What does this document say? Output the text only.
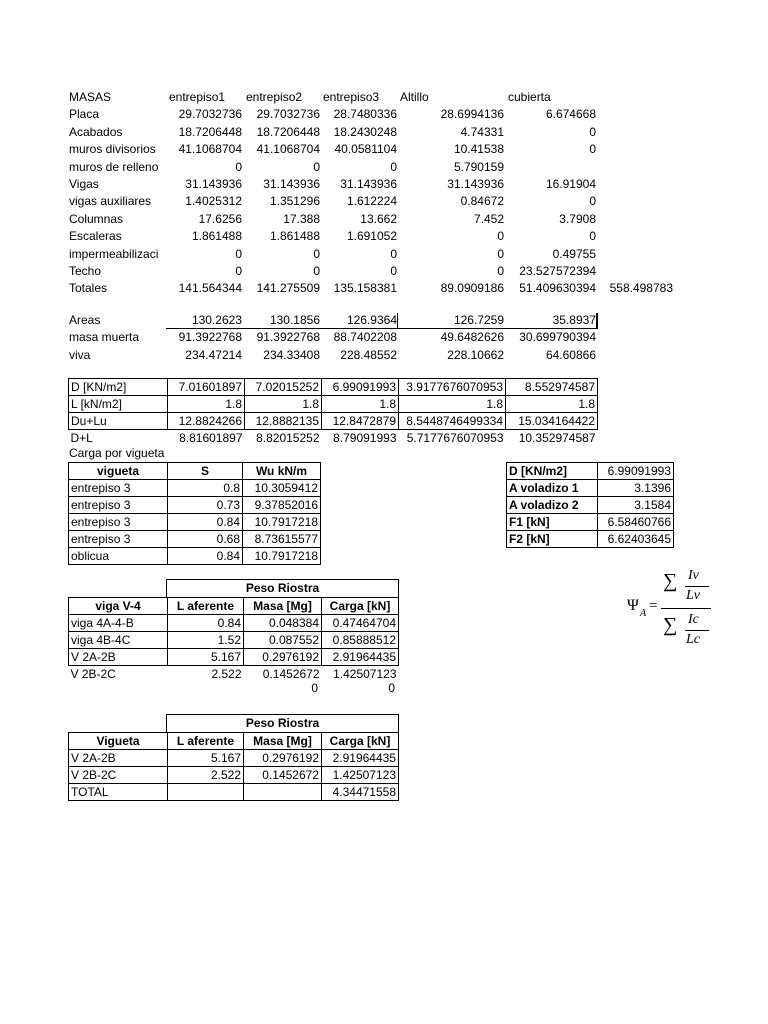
MASAS	entrepiso1	entrepiso2	entrepiso3	Altillo	cubierta
Placa	29.7032736	29.7032736	28.7480336	28.6994136	6.674668
Acabados	18.7206448	18.7206448	18.2430248	4.74331	0
muros divisorios	41.1068704	41.1068704	40.0581104	10.41538	0
muros de relleno	0	0	0	5.790159
Vigas	31.143936	31.143936	31.143936	31.143936	16.91904
vigas auxiliares	1.4025312	1.351296	1.612224	0.84672	0
Columnas	17.6256	17.388	13.662	7.452	3.7908
Escaleras	1.861488	1.861488	1.691052	0	0
impermeabilizaci	0	0	0	0	0.49755
Techo	0	0	0	0	23.527572394
Totales	141.564344	141.275509	135.158381	89.0909186	51.409630394	558.498783
Areas	130.2623	130.1856	126.9364	126.7259	35.8937
masa muerta	91.3922768	91.3922768	88.7402208	49.6482626	30.699790394
viva	234.47214	234.33408	228.48552	228.10662	64.60866
D [KN/m2]	7.01601897	7.02015252	6.99091993	3.9177676070953	8.552974587
L [kN/m2]	1.8	1.8	1.8	1.8	1.8
Du+Lu	12.8824266	12.8882135	12.8472879	8.5448746499334	15.034164422
D+L	8.81601897	8.82015252	8.79091993	5.7177676070953	10.352974587
Carga por vigueta
vigueta	S	Wu kN/m
entrepiso 3	0.8	10.3059412
entrepiso 3	0.73	9.37852016
entrepiso 3	0.84	10.7917218
entrepiso 3	0.68	8.73615577
oblicua	0.84	10.7917218
D [KN/m2]	6.99091993
A voladizo 1	3.1396
A voladizo 2	3.1584
F1 [kN]	6.58460766
F2 [kN]	6.62403645
Peso Riostra
viga V-4	L aferente	Masa [Mg]	Carga [kN]
viga 4A-4-B	0.84	0.048384	0.47464704
viga 4B-4C	1.52	0.087552	0.85888512
V 2A-2B	5.167	0.2976192	2.91964435
V 2B-2C	2.522	0.1452672	1.42507123
0	0
Peso Riostra
Vigueta	L aferente	Masa [Mg]	Carga [kN]
V 2A-2B	5.167	0.2976192	2.91964435
V 2B-2C	2.522	0.1452672	1.42507123
TOTAL			4.34471558
Ψ A =
∑ Iv
Lv
∑ Ic
Lc
